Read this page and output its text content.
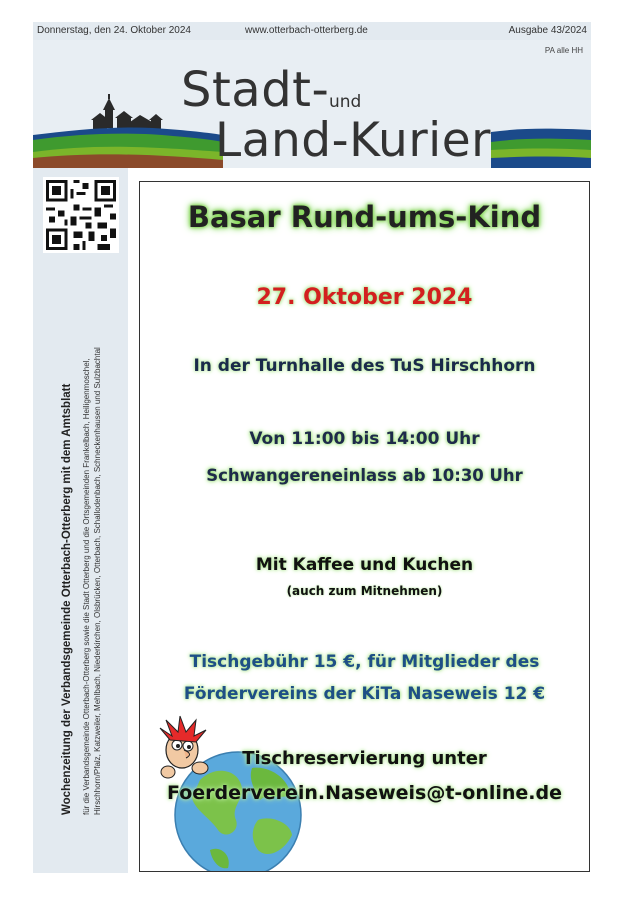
Donnerstag, den 24. Oktober 2024	www.otterbach-otterberg.de	Ausgabe 43/2024
PA alle HH
Stadt- und
Land-Kurier
Wochenzeitung der Verbandsgemeinde Otterbach-Otterberg mit dem Amtsblatt für die Verbandsgemeinde Otterbach-Otterberg sowie die Stadt Otterberg und die Ortsgemeinden Frankelbach, Heiligenmoschel, Hirschhorn/Pfalz, Katzweiler, Mehlbach, Niederkirchen, Olsbrücken, Otterbach, Schallodenbach, Schneckenhausen und Sulzbachtal
Basar Rund-ums-Kind
27. Oktober 2024
In der Turnhalle des TuS Hirschhorn
Von 11:00 bis 14:00 Uhr
Schwangereneinlass ab 10:30 Uhr
Mit Kaffee und Kuchen
(auch zum Mitnehmen)
Tischgebühr 15 €, für Mitglieder des
Fördervereins der KiTa Naseweis 12 €
Tischreservierung unter
Foerderverein.Naseweis@t-online.de
